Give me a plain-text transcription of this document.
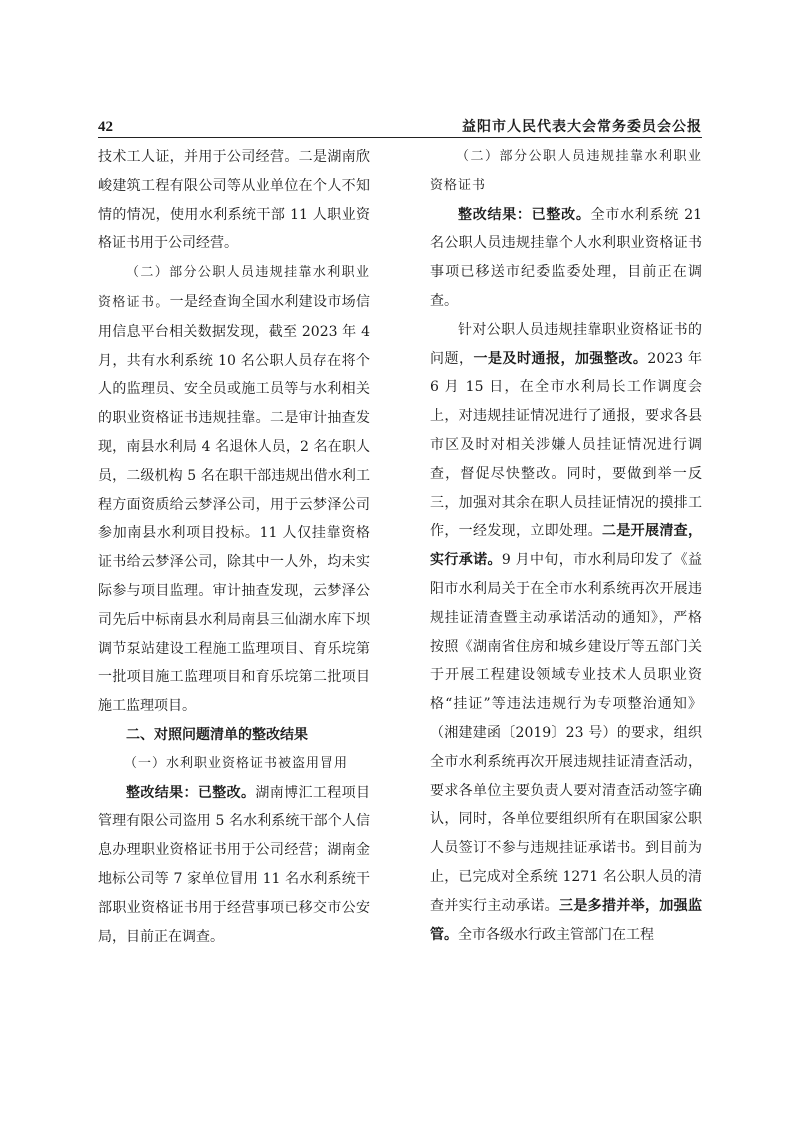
42	益阳市人民代表大会常务委员会公报

技术工人证，并用于公司经营。二是湖南欣峻建筑工程有限公司等从业单位在个人不知情的情况，使用水利系统干部 11 人职业资格证书用于公司经营。

（二）部分公职人员违规挂靠水利职业资格证书。一是经查询全国水利建设市场信用信息平台相关数据发现，截至 2023 年 4 月，共有水利系统 10 名公职人员存在将个人的监理员、安全员或施工员等与水利相关的职业资格证书违规挂靠。二是审计抽查发现，南县水利局 4 名退休人员，2 名在职人员，二级机构 5 名在职干部违规出借水利工程方面资质给云梦泽公司，用于云梦泽公司参加南县水利项目投标。11 人仅挂靠资格证书给云梦泽公司，除其中一人外，均未实际参与项目监理。审计抽查发现，云梦泽公司先后中标南县水利局南县三仙湖水库下坝调节泵站建设工程施工监理项目、育乐垸第一批项目施工监理项目和育乐垸第二批项目施工监理项目。

二、对照问题清单的整改结果

（一）水利职业资格证书被盗用冒用

整改结果：已整改。湖南博汇工程项目管理有限公司盗用 5 名水利系统干部个人信息办理职业资格证书用于公司经营；湖南金地标公司等 7 家单位冒用 11 名水利系统干部职业资格证书用于经营事项已移交市公安局，目前正在调查。

（二）部分公职人员违规挂靠水利职业资格证书

整改结果：已整改。全市水利系统 21 名公职人员违规挂靠个人水利职业资格证书事项已移送市纪委监委处理，目前正在调查。

针对公职人员违规挂靠职业资格证书的问题，一是及时通报，加强整改。2023 年 6 月 15 日，在全市水利局长工作调度会上，对违规挂证情况进行了通报，要求各县市区及时对相关涉嫌人员挂证情况进行调查，督促尽快整改。同时，要做到举一反三，加强对其余在职人员挂证情况的摸排工作，一经发现，立即处理。二是开展清查，实行承诺。9 月中旬，市水利局印发了《益阳市水利局关于在全市水利系统再次开展违规挂证清查暨主动承诺活动的通知》，严格按照《湖南省住房和城乡建设厅等五部门关于开展工程建设领域专业技术人员职业资格“挂证”等违法违规行为专项整治通知》（湘建建函〔2019〕23 号）的要求，组织全市水利系统再次开展违规挂证清查活动，要求各单位主要负责人要对清查活动签字确认，同时，各单位要组织所有在职国家公职人员签订不参与违规挂证承诺书。到目前为止，已完成对全系统 1271 名公职人员的清查并实行主动承诺。三是多措并举，加强监管。全市各级水行政主管部门在工程
